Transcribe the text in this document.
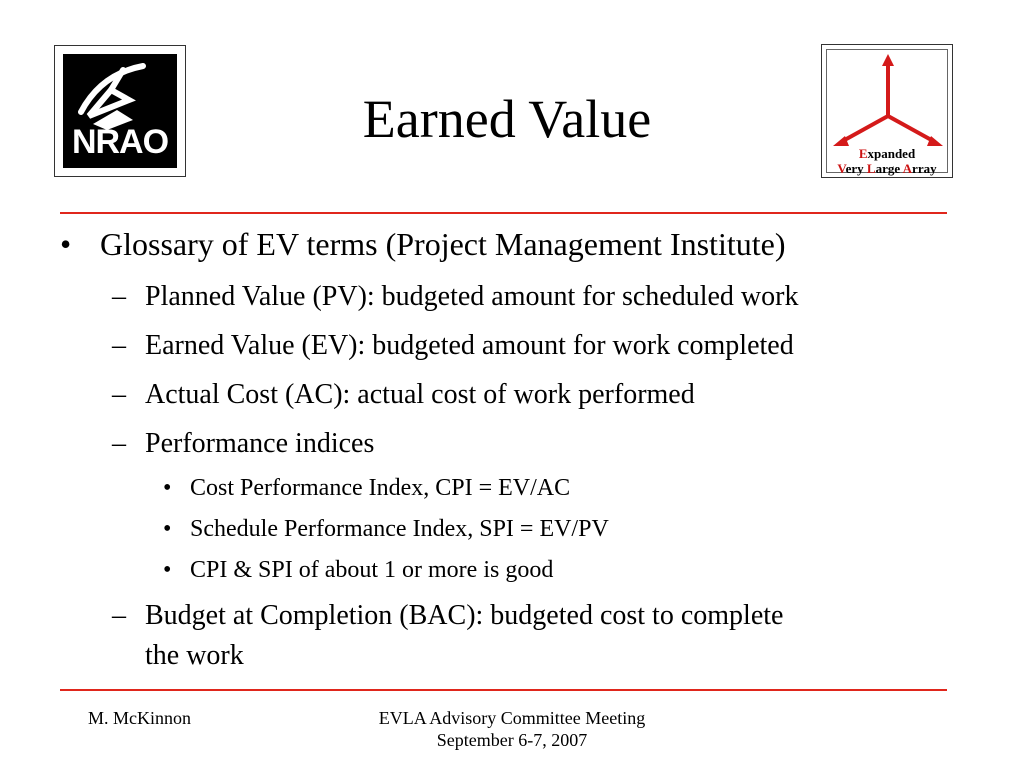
NRAO	Earned Value
Expanded
Very Large Array
• Glossary of EV terms (Project Management Institute)
– Planned Value (PV): budgeted amount for scheduled work
– Earned Value (EV): budgeted amount for work completed
– Actual Cost (AC): actual cost of work performed
– Performance indices
• Cost Performance Index, CPI = EV/AC
• Schedule Performance Index, SPI = EV/PV
• CPI & SPI of about 1 or more is good
– Budget at Completion (BAC): budgeted cost to complete
the work
M. McKinnon	EVLA Advisory Committee Meeting
September 6-7, 2007
